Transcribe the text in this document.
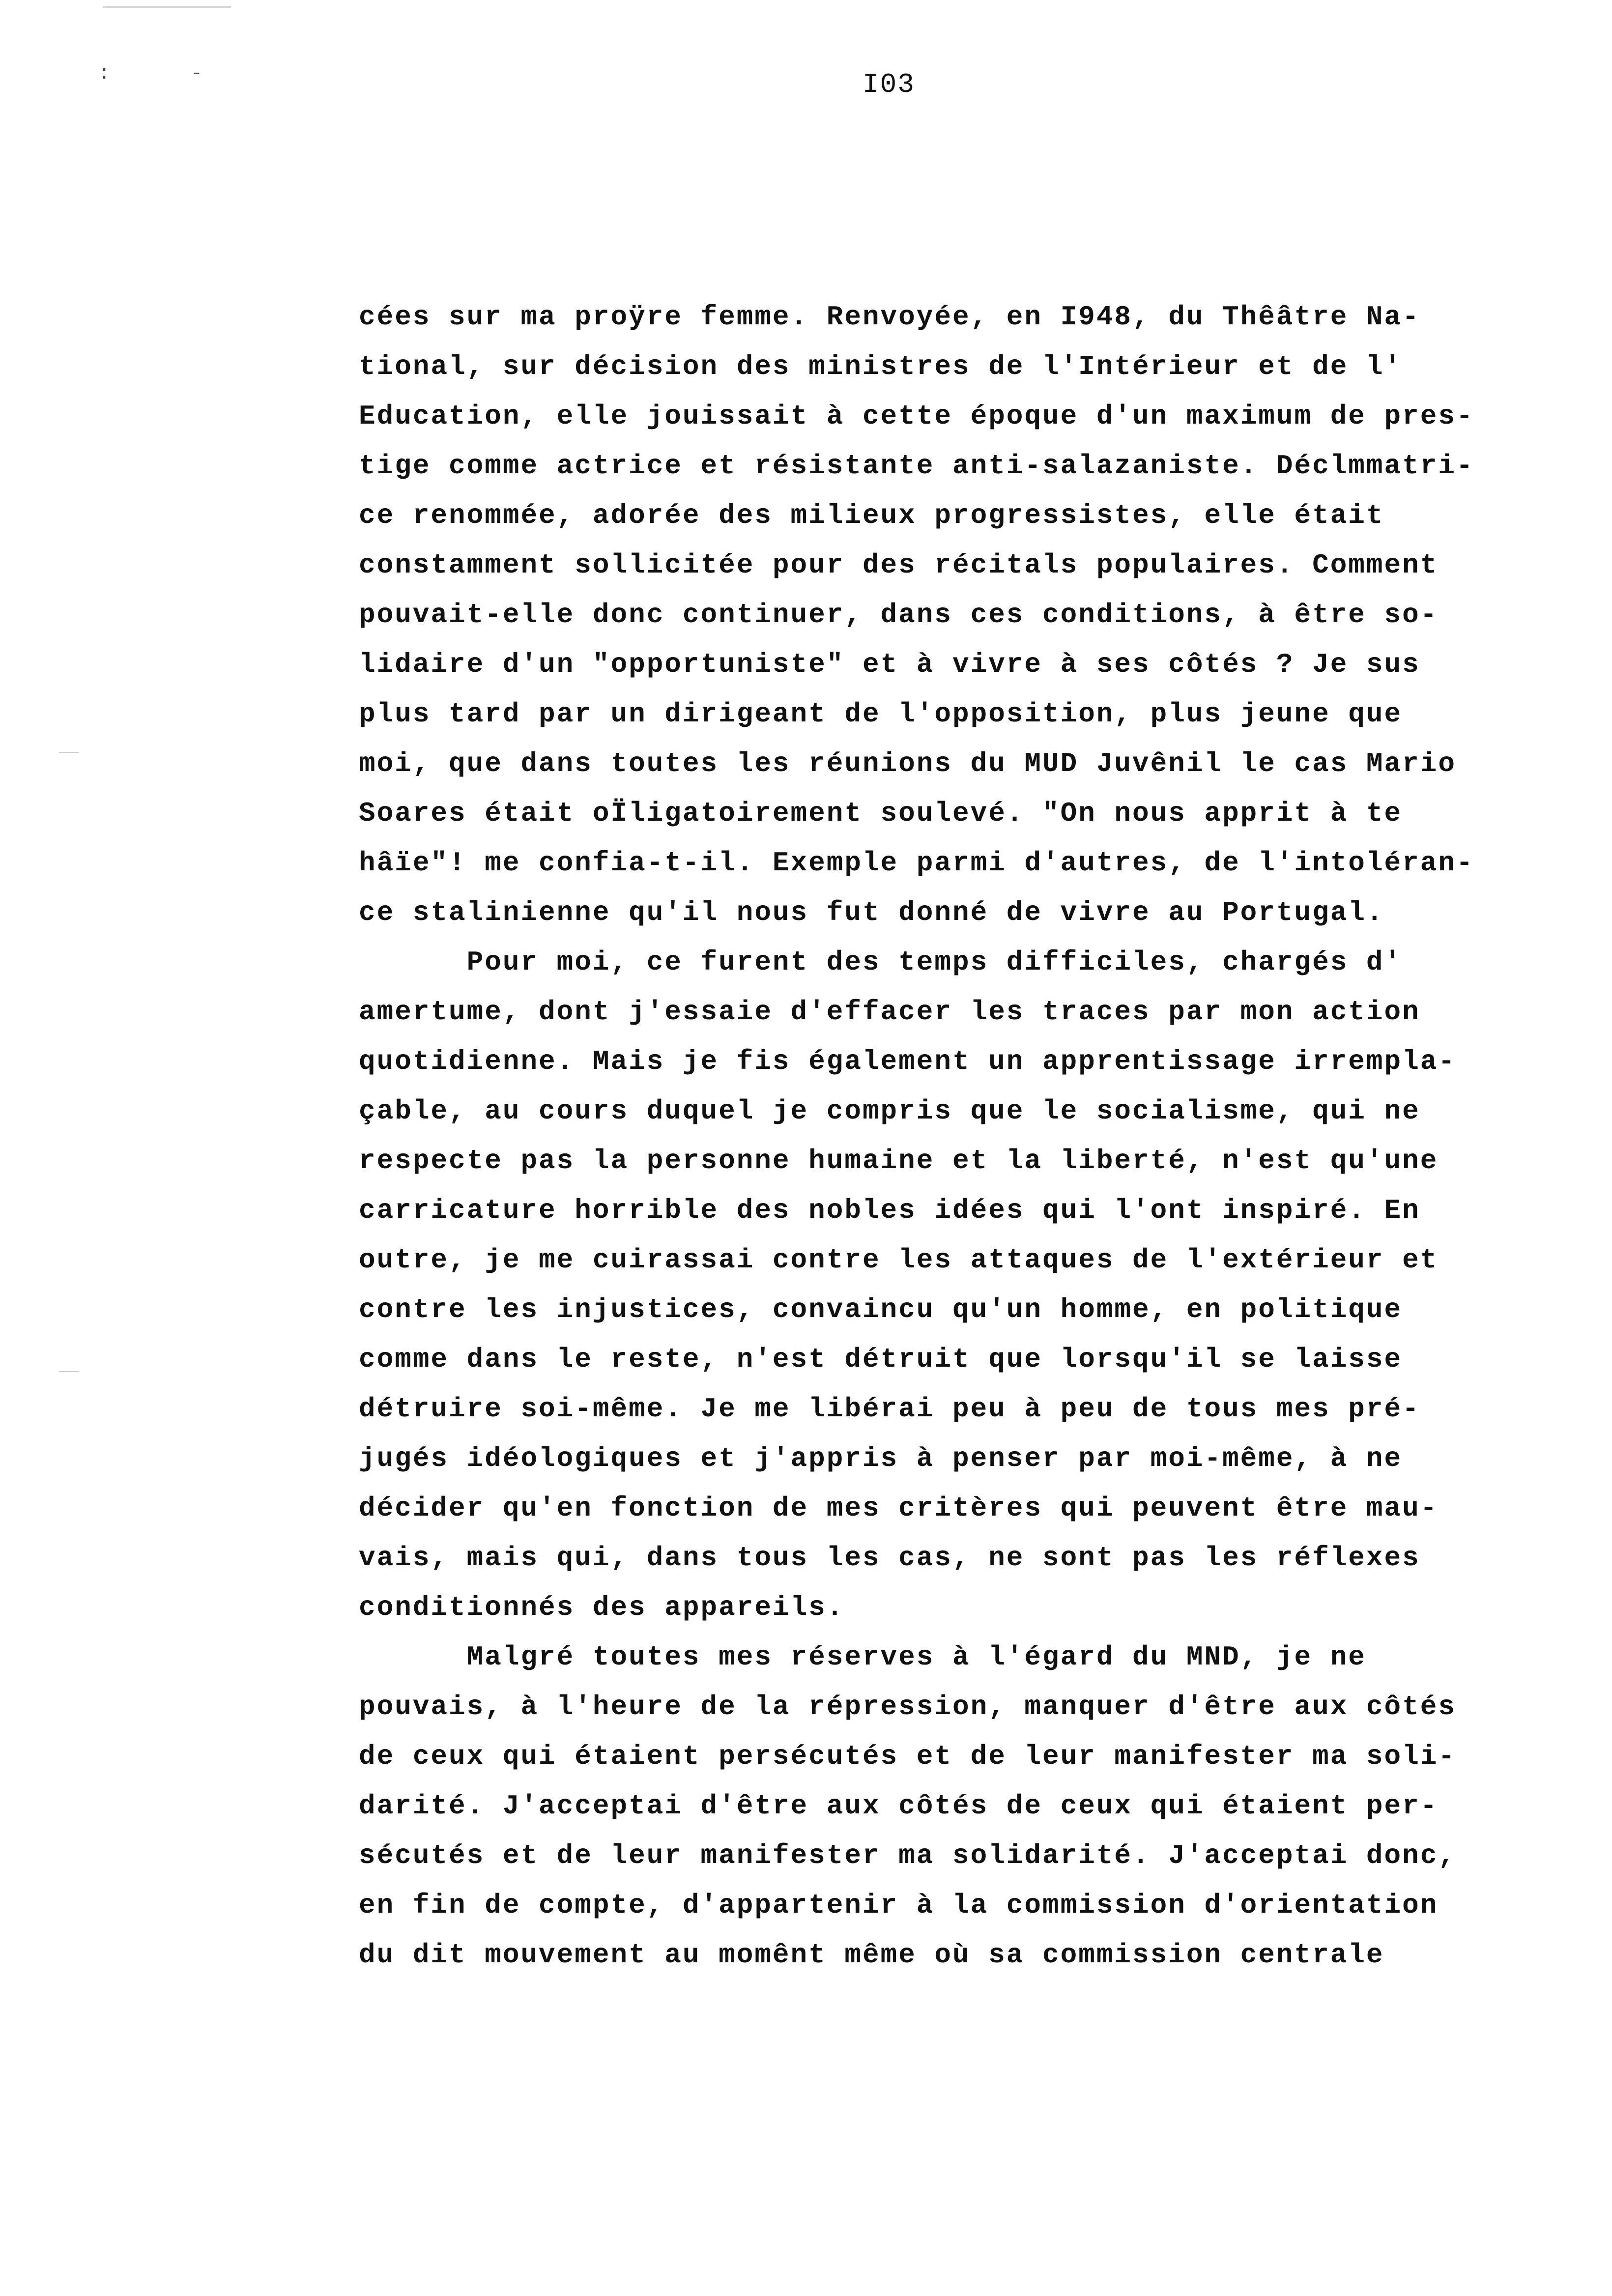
: -	I03
cées sur ma proÿre femme. Renvoyée, en I948, du Thêâtre Na-
tional, sur décision des ministres de l'Intérieur et de l'
Education, elle jouissait à cette époque d'un maximum de pres-
tige comme actrice et résistante anti-salazaniste. Déclmmatri-
ce renommée, adorée des milieux progressistes, elle était
constamment sollicitée pour des récitals populaires. Comment
pouvait-elle donc continuer, dans ces conditions, à être so-
lidaire d'un "opportuniste" et à vivre à ses côtés ? Je sus
plus tard par un dirigeant de l'opposition, plus jeune que
moi, que dans toutes les réunions du MUD Juvênil le cas Mario
Soares était oÏligatoirement soulevé. "On nous apprit à te
hâïe"! me confia-t-il. Exemple parmi d'autres, de l'intoléran-
ce stalinienne qu'il nous fut donné de vivre au Portugal.
Pour moi, ce furent des temps difficiles, chargés d'
amertume, dont j'essaie d'effacer les traces par mon action
quotidienne. Mais je fis également un apprentissage irrempla-
çable, au cours duquel je compris que le socialisme, qui ne
respecte pas la personne humaine et la liberté, n'est qu'une
carricature horrible des nobles idées qui l'ont inspiré. En
outre, je me cuirassai contre les attaques de l'extérieur et
contre les injustices, convaincu qu'un homme, en politique
comme dans le reste, n'est détruit que lorsqu'il se laisse
détruire soi-même. Je me libérai peu à peu de tous mes pré-
jugés idéologiques et j'appris à penser par moi-même, à ne
décider qu'en fonction de mes critères qui peuvent être mau-
vais, mais qui, dans tous les cas, ne sont pas les réflexes
conditionnés des appareils.
Malgré toutes mes réserves à l'égard du MND, je ne
pouvais, à l'heure de la répression, manquer d'être aux côtés
de ceux qui étaient persécutés et de leur manifester ma soli-
darité. J'acceptai d'être aux côtés de ceux qui étaient per-
sécutés et de leur manifester ma solidarité. J'acceptai donc,
en fin de compte, d'appartenir à la commission d'orientation
du dit mouvement au momênt même où sa commission centrale
